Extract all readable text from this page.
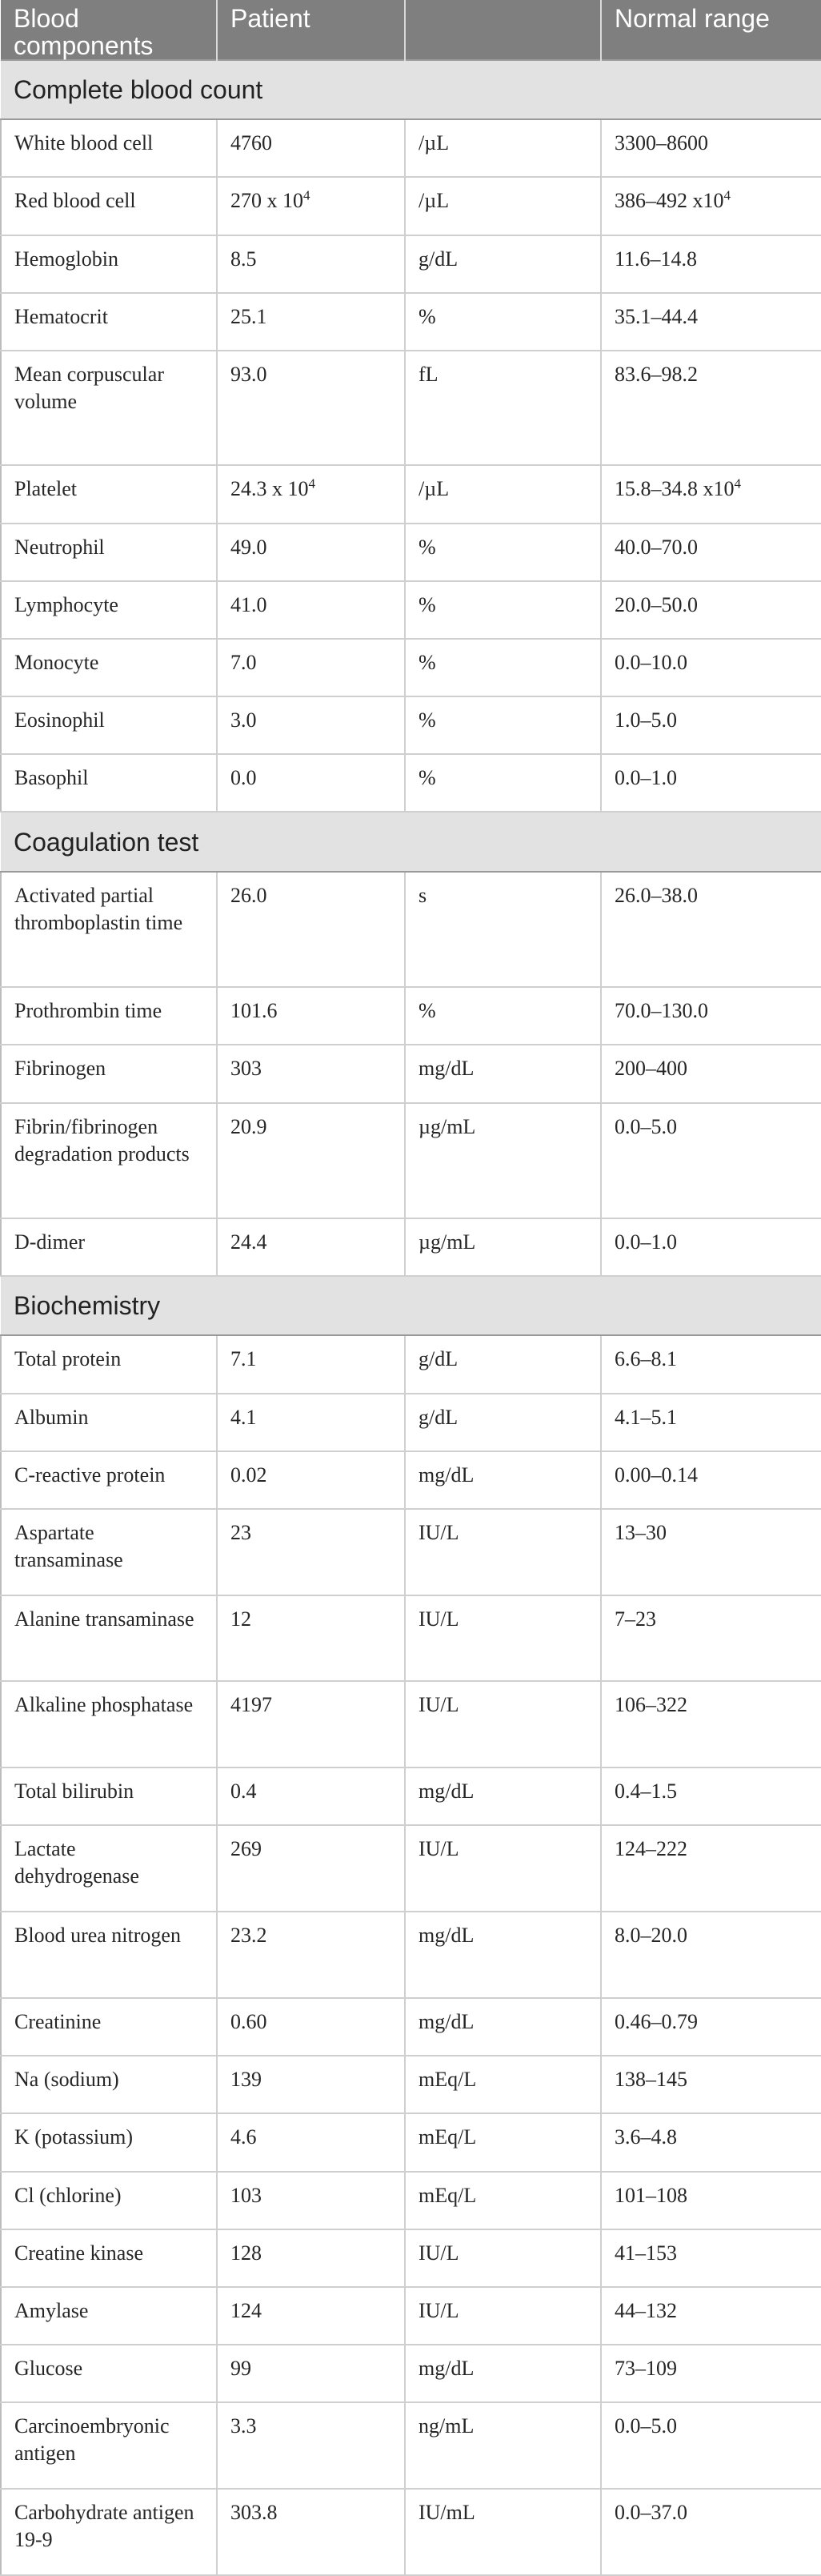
Blood components	Patient		Normal range
Complete blood count			
White blood cell	4760	/µL	3300–8600
Red blood cell	270 x $10^4$	/µL	386–492 $x10^4$
Hemoglobin	8.5	g/dL	11.6–14.8
Hematocrit	25.1	%	35.1–44.4
Mean corpuscular volume	93.0	fL	83.6–98.2
Platelet	24.3 x $10^4$	/µL	15.8–34.8 $x10^4$
Neutrophil	49.0	%	40.0–70.0
Lymphocyte	41.0	%	20.0–50.0
Monocyte	7.0	%	0.0–10.0
Eosinophil	3.0	%	1.0–5.0
Basophil	0.0	%	0.0–1.0
Coagulation test			
Activated partial thromboplastin time	26.0	s	26.0–38.0
Prothrombin time	101.6	%	70.0–130.0
Fibrinogen	303	mg/dL	200–400
Fibrin/fibrinogen degradation products	20.9	µg/mL	0.0–5.0
D-dimer	24.4	µg/mL	0.0–1.0
Biochemistry			
Total protein	7.1	g/dL	6.6–8.1
Albumin	4.1	g/dL	4.1–5.1
C-reactive protein	0.02	mg/dL	0.00–0.14
Aspartate transaminase	23	IU/L	13–30
Alanine transaminase	12	IU/L	7–23
Alkaline phosphatase	4197	IU/L	106–322
Total bilirubin	0.4	mg/dL	0.4–1.5
Lactate dehydrogenase	269	IU/L	124–222
Blood urea nitrogen	23.2	mg/dL	8.0–20.0
Creatinine	0.60	mg/dL	0.46–0.79
Na (sodium)	139	mEq/L	138–145
K (potassium)	4.6	mEq/L	3.6–4.8
Cl (chlorine)	103	mEq/L	101–108
Creatine kinase	128	IU/L	41–153
Amylase	124	IU/L	44–132
Glucose	99	mg/dL	73–109
Carcinoembryonic antigen	3.3	ng/mL	0.0–5.0
Carbohydrate antigen 19-9	303.8	IU/mL	0.0–37.0
